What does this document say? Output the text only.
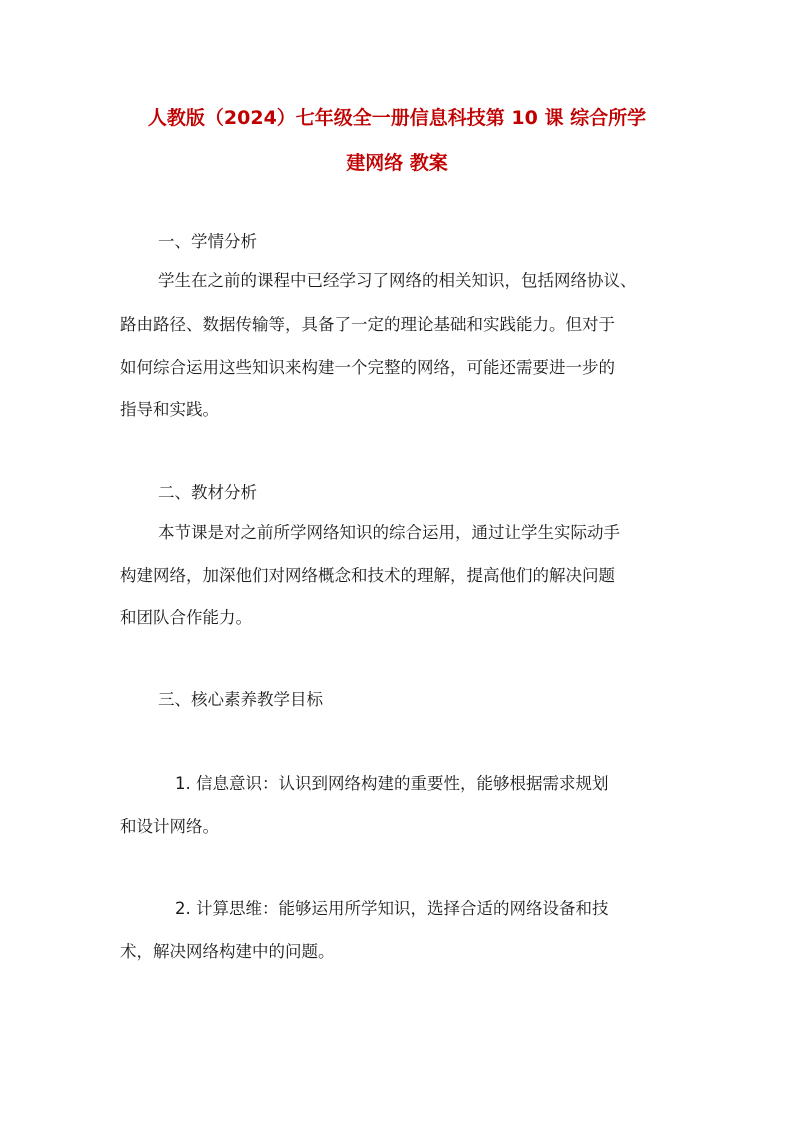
人教版（2024）七年级全一册信息科技第 10 课 综合所学
建网络 教案
一、学情分析
学生在之前的课程中已经学习了网络的相关知识，包括网络协议、
路由路径、数据传输等，具备了一定的理论基础和实践能力。但对于
如何综合运用这些知识来构建一个完整的网络，可能还需要进一步的
指导和实践。
二、教材分析
本节课是对之前所学网络知识的综合运用，通过让学生实际动手
构建网络，加深他们对网络概念和技术的理解，提高他们的解决问题
和团队合作能力。
三、核心素养教学目标
1. 信息意识：认识到网络构建的重要性，能够根据需求规划
和设计网络。
2. 计算思维：能够运用所学知识，选择合适的网络设备和技
术，解决网络构建中的问题。
